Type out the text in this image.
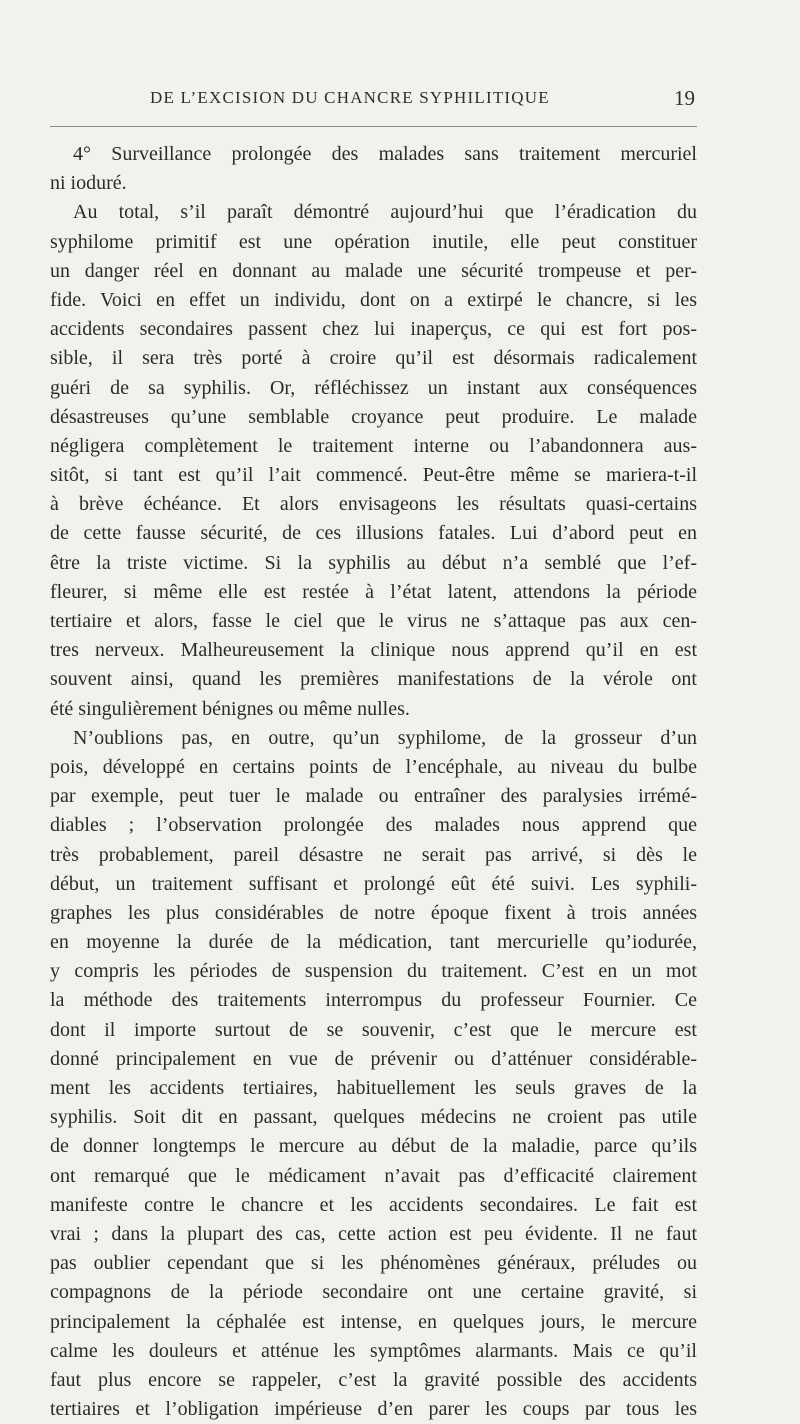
DE L’EXCISION DU CHANCRE SYPHILITIQUE	19
4° Surveillance prolongée des malades sans traitement mercuriel
ni ioduré.
Au total, s’il paraît démontré aujourd’hui que l’éradication du
syphilome primitif est une opération inutile, elle peut constituer
un danger réel en donnant au malade une sécurité trompeuse et per-
fide. Voici en effet un individu, dont on a extirpé le chancre, si les
accidents secondaires passent chez lui inaperçus, ce qui est fort pos-
sible, il sera très porté à croire qu’il est désormais radicalement
guéri de sa syphilis. Or, réfléchissez un instant aux conséquences
désastreuses qu’une semblable croyance peut produire. Le malade
négligera complètement le traitement interne ou l’abandonnera aus-
sitôt, si tant est qu’il l’ait commencé. Peut-être même se mariera-t-il
à brève échéance. Et alors envisageons les résultats quasi-certains
de cette fausse sécurité, de ces illusions fatales. Lui d’abord peut en
être la triste victime. Si la syphilis au début n’a semblé que l’ef-
fleurer, si même elle est restée à l’état latent, attendons la période
tertiaire et alors, fasse le ciel que le virus ne s’attaque pas aux cen-
tres nerveux. Malheureusement la clinique nous apprend qu’il en est
souvent ainsi, quand les premières manifestations de la vérole ont
été singulièrement bénignes ou même nulles.
N’oublions pas, en outre, qu’un syphilome, de la grosseur d’un
pois, développé en certains points de l’encéphale, au niveau du bulbe
par exemple, peut tuer le malade ou entraîner des paralysies irrémé-
diables ; l’observation prolongée des malades nous apprend que
très probablement, pareil désastre ne serait pas arrivé, si dès le
début, un traitement suffisant et prolongé eût été suivi. Les syphili-
graphes les plus considérables de notre époque fixent à trois années
en moyenne la durée de la médication, tant mercurielle qu’iodurée,
y compris les périodes de suspension du traitement. C’est en un mot
la méthode des traitements interrompus du professeur Fournier. Ce
dont il importe surtout de se souvenir, c’est que le mercure est
donné principalement en vue de prévenir ou d’atténuer considérable-
ment les accidents tertiaires, habituellement les seuls graves de la
syphilis. Soit dit en passant, quelques médecins ne croient pas utile
de donner longtemps le mercure au début de la maladie, parce qu’ils
ont remarqué que le médicament n’avait pas d’efficacité clairement
manifeste contre le chancre et les accidents secondaires. Le fait est
vrai ; dans la plupart des cas, cette action est peu évidente. Il ne faut
pas oublier cependant que si les phénomènes généraux, préludes ou
compagnons de la période secondaire ont une certaine gravité, si
principalement la céphalée est intense, en quelques jours, le mercure
calme les douleurs et atténue les symptômes alarmants. Mais ce qu’il
faut plus encore se rappeler, c’est la gravité possible des accidents
tertiaires et l’obligation impérieuse d’en parer les coups par tous les
